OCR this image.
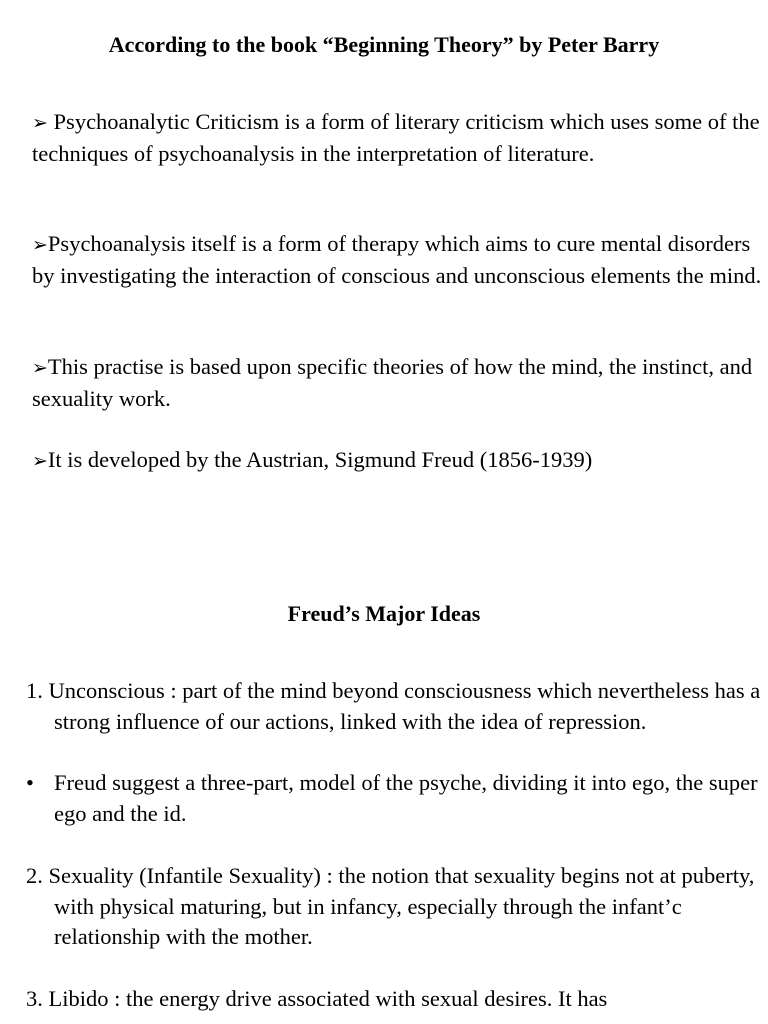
According to the book “Beginning Theory” by Peter Barry
➢ Psychoanalytic Criticism is a form of literary criticism which uses some of the techniques of psychoanalysis in the interpretation of literature.
➢Psychoanalysis itself is a form of therapy which aims to cure mental disorders by investigating the interaction of conscious and unconscious elements the mind.
➢This practise is based upon specific theories of how the mind, the instinct, and sexuality work.
➢It is developed by the Austrian, Sigmund Freud (1856-1939)
Freud’s Major Ideas
1. Unconscious : part of the mind beyond consciousness which nevertheless has a strong influence of our actions, linked with the idea of repression.
• Freud suggest a three-part, model of the psyche, dividing it into ego, the super ego and the id.
2. Sexuality (Infantile Sexuality) : the notion that sexuality begins not at puberty, with physical maturing, but in infancy, especially through the infant’c relationship with the mother.
3. Libido : the energy drive associated with sexual desires. It has
